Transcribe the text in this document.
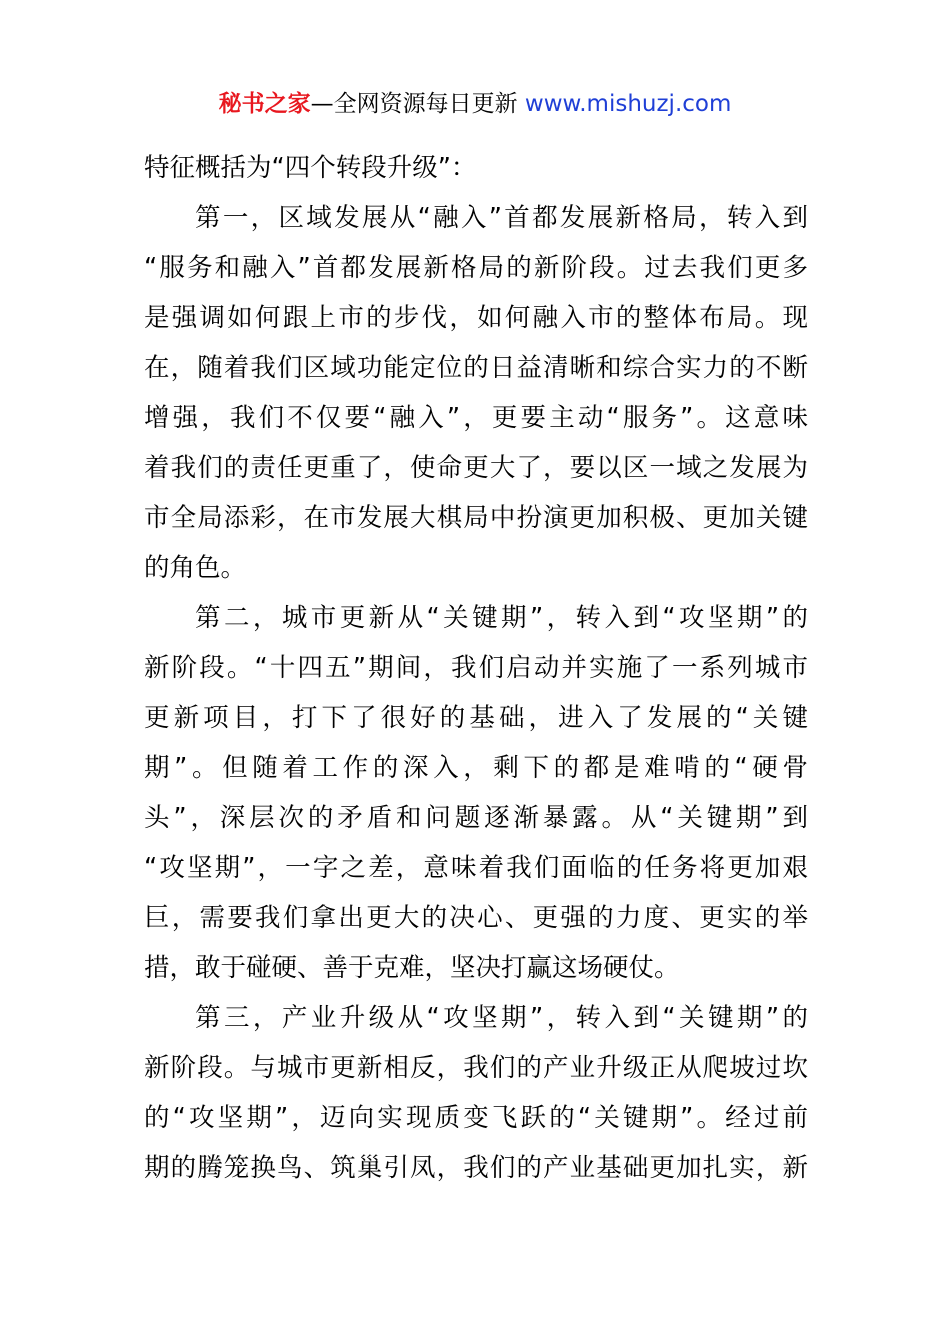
秘书之家—全网资源每日更新 www.mishuzj.com
特征概括为“四个转段升级”：
第一，区域发展从“融入”首都发展新格局，转入到
“服务和融入”首都发展新格局的新阶段。过去我们更多
是强调如何跟上市的步伐，如何融入市的整体布局。现
在，随着我们区域功能定位的日益清晰和综合实力的不断
增强，我们不仅要“融入”，更要主动“服务”。这意味
着我们的责任更重了，使命更大了，要以区一域之发展为
市全局添彩，在市发展大棋局中扮演更加积极、更加关键
的角色。
第二，城市更新从“关键期”，转入到“攻坚期”的
新阶段。“十四五”期间，我们启动并实施了一系列城市
更新项目，打下了很好的基础，进入了发展的“关键
期”。但随着工作的深入，剩下的都是难啃的“硬骨
头”，深层次的矛盾和问题逐渐暴露。从“关键期”到
“攻坚期”，一字之差，意味着我们面临的任务将更加艰
巨，需要我们拿出更大的决心、更强的力度、更实的举
措，敢于碰硬、善于克难，坚决打赢这场硬仗。
第三，产业升级从“攻坚期”，转入到“关键期”的
新阶段。与城市更新相反，我们的产业升级正从爬坡过坎
的“攻坚期”，迈向实现质变飞跃的“关键期”。经过前
期的腾笼换鸟、筑巢引凤，我们的产业基础更加扎实，新
